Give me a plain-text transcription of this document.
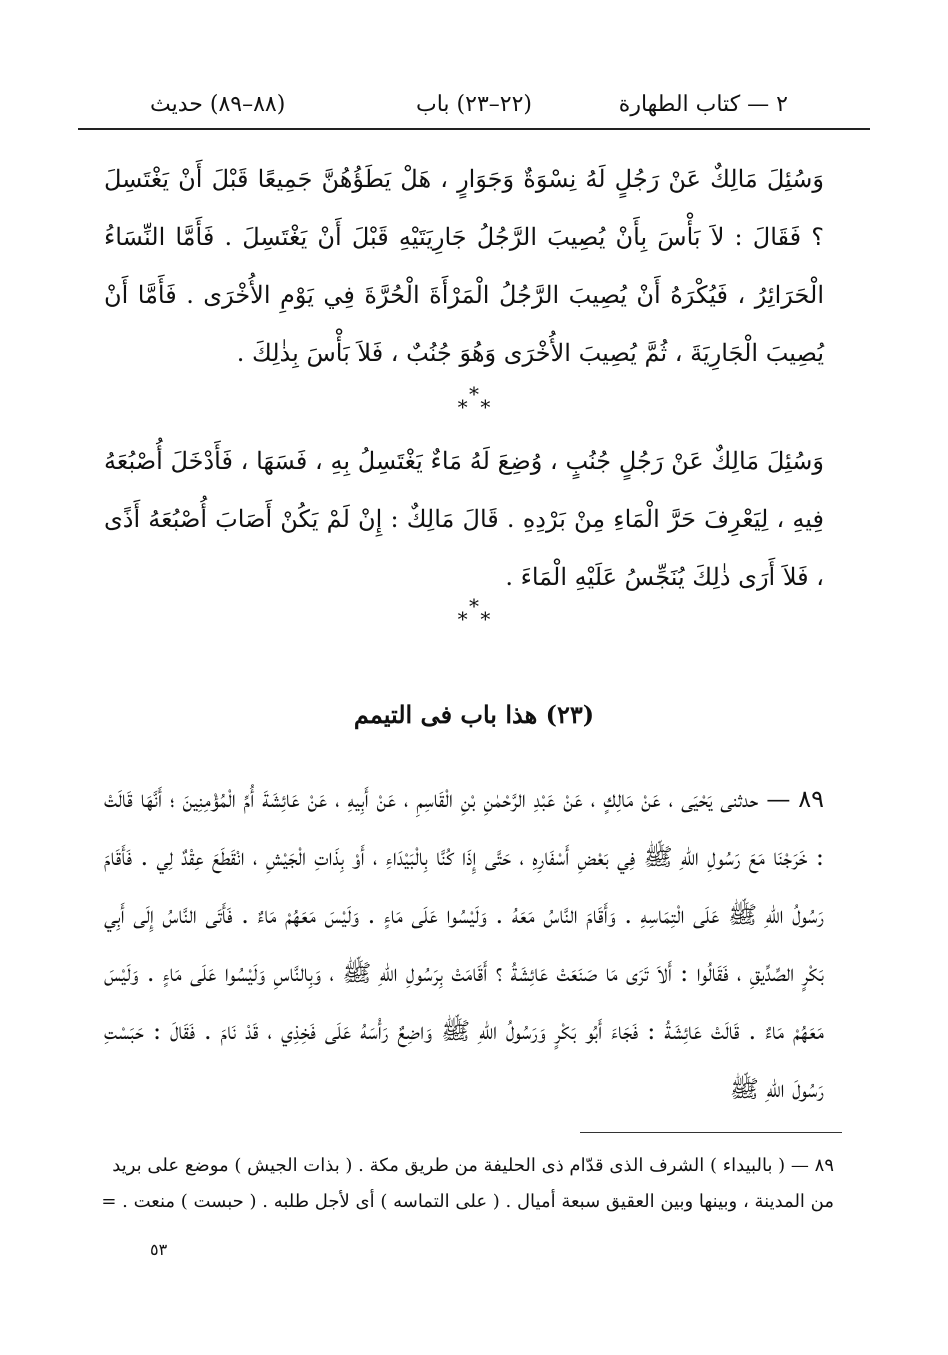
٢ — كتاب الطهارة
(٢٢–٢٣) باب
(٨٨–٨٩) حديث
وَسُئِلَ مَالِكٌ عَنْ رَجُلٍ لَهُ نِسْوَةٌ وَجَوَارٍ ، هَلْ يَطَؤُهُنَّ جَمِيعًا قَبْلَ أَنْ يَغْتَسِلَ ؟ فَقَالَ : لاَ بَأْسَ بِأَنْ يُصِيبَ الرَّجُلُ جَارِيَتَيْهِ قَبْلَ أَنْ يَغْتَسِلَ . فَأَمَّا النِّسَاءُ الْحَرَائِرُ ، فَيُكْرَهُ أَنْ يُصِيبَ الرَّجُلُ الْمَرْأَةَ الْحُرَّةَ فِي يَوْمِ الأُخْرَى . فَأَمَّا أَنْ يُصِيبَ الْجَارِيَةَ ، ثُمَّ يُصِيبَ الأُخْرَى وَهُوَ جُنُبٌ ، فَلاَ بَأْسَ بِذٰلِكَ .
*
* *
وَسُئِلَ مَالِكٌ عَنْ رَجُلٍ جُنُبٍ ، وُضِعَ لَهُ مَاءٌ يَغْتَسِلُ بِهِ ، فَسَهَا ، فَأَدْخَلَ أُصْبُعَهُ فِيهِ ، لِيَعْرِفَ حَرَّ الْمَاءِ مِنْ بَرْدِهِ . قَالَ مَالِكٌ : إِنْ لَمْ يَكُنْ أَصَابَ أُصْبُعَهُ أَذًى ، فَلاَ أَرَى ذٰلِكَ يُنَجِّسُ عَلَيْهِ الْمَاءَ .
*
* *
(٢٣) هذا باب فى التيمم
٨٩ — حدثنى يَحْيَى ، عَنْ مَالِكٍ ، عَنْ عَبْدِ الرَّحْمٰنِ بْنِ الْقَاسِمِ ، عَنْ أَبِيهِ ، عَنْ عَائِشَةَ أُمِّ الْمُؤْمِنِينَ ؛ أَنَّهَا قَالَتْ : خَرَجْنَا مَعَ رَسُولِ اللّٰهِ ﷺ فِي بَعْضِ أَسْفَارِهِ ، حَتَّى إِذَا كُنَّا بِالْبَيْدَاءِ ، أَوْ بِذَاتِ الْجَيْشِ ، انْقَطَعَ عِقْدٌ لِي . فَأَقَامَ رَسُولُ اللّٰهِ ﷺ عَلَى الْتِمَاسِهِ . وَأَقَامَ النَّاسُ مَعَهُ . وَلَيْسُوا عَلَى مَاءٍ . وَلَيْسَ مَعَهُمْ مَاءٌ . فَأَتَى النَّاسُ إِلَى أَبِي بَكْرٍ الصِّدِّيقِ ، فَقَالُوا : أَلاَ تَرَى مَا صَنَعَتْ عَائِشَةُ ؟ أَقَامَتْ بِرَسُولِ اللّٰهِ ﷺ ، وَبِالنَّاسِ وَلَيْسُوا عَلَى مَاءٍ . وَلَيْسَ مَعَهُمْ مَاءٌ . قَالَتْ عَائِشَةُ : فَجَاءَ أَبُو بَكْرٍ وَرَسُولُ اللّٰهِ ﷺ وَاضِعٌ رَأْسَهُ عَلَى فَخِذِي ، قَدْ نَامَ . فَقَالَ : حَبَسْتِ رَسُولَ اللّٰهِ ﷺ
٨٩ — ( بالبيداء ) الشرف الذى قدّام ذى الحليفة من طريق مكة . ( بذات الجيش ) موضع على بريد
من المدينة ، وبينها وبين العقيق سبعة أميال . ( على التماسه ) أى لأجل طلبه . ( حبست ) منعت . =
٥٣
